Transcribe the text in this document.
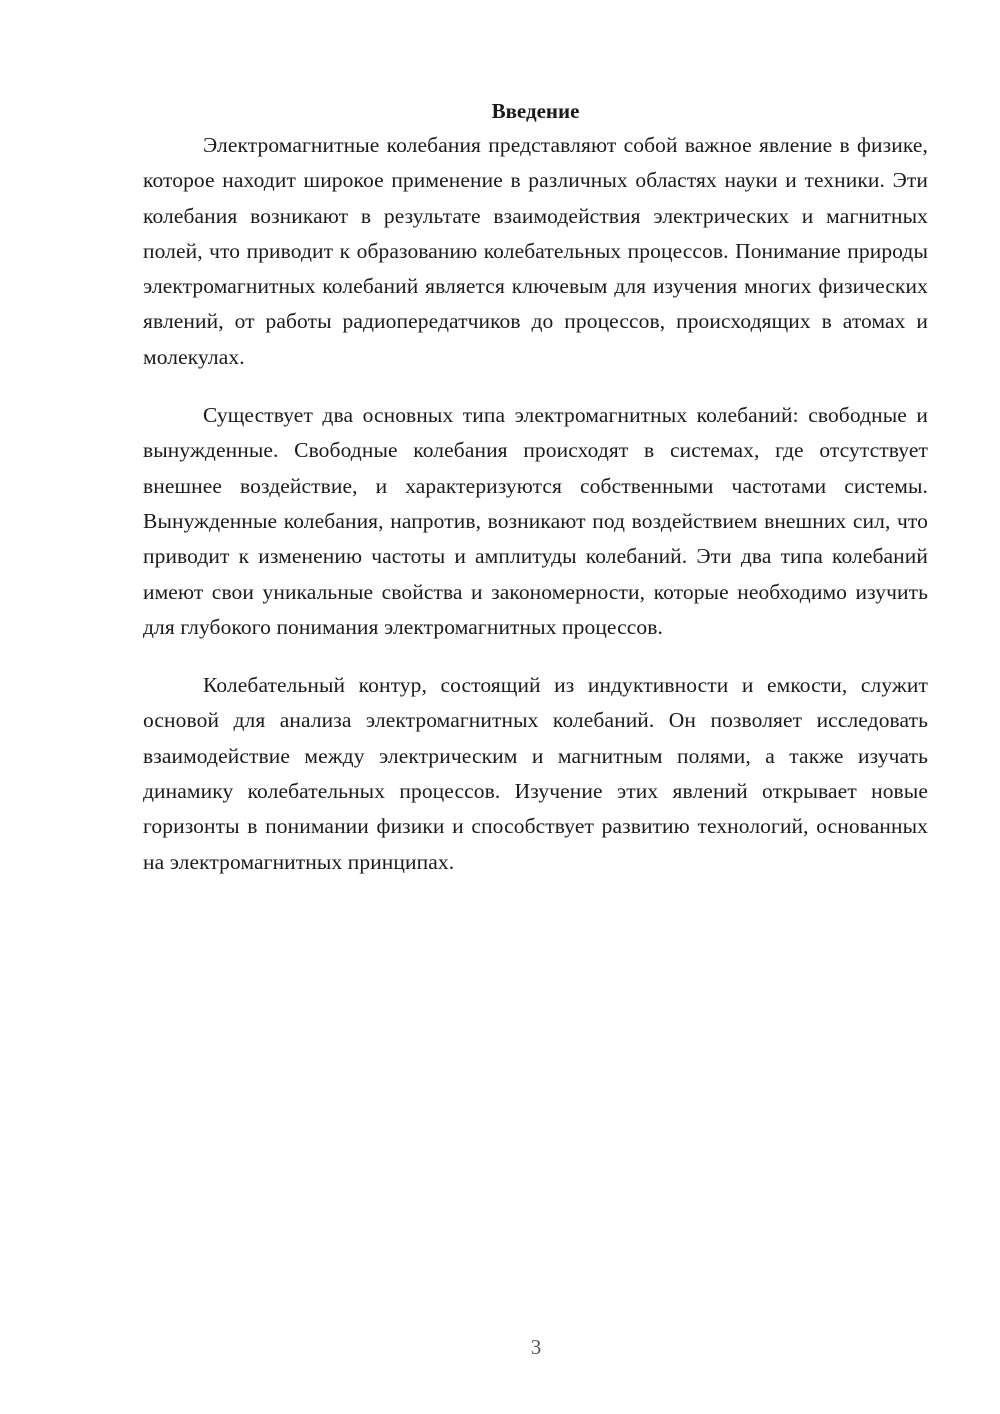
Введение

Электромагнитные колебания представляют собой важное явление в физике, которое находит широкое применение в различных областях науки и техники. Эти колебания возникают в результате взаимодействия электрических и магнитных полей, что приводит к образованию колебательных процессов. Понимание природы электромагнитных колебаний является ключевым для изучения многих физических явлений, от работы радиопередатчиков до процессов, происходящих в атомах и молекулах.

Существует два основных типа электромагнитных колебаний: свободные и вынужденные. Свободные колебания происходят в системах, где отсутствует внешнее воздействие, и характеризуются собственными частотами системы. Вынужденные колебания, напротив, возникают под воздействием внешних сил, что приводит к изменению частоты и амплитуды колебаний. Эти два типа колебаний имеют свои уникальные свойства и закономерности, которые необходимо изучить для глубокого понимания электромагнитных процессов.

Колебательный контур, состоящий из индуктивности и емкости, служит основой для анализа электромагнитных колебаний. Он позволяет исследовать взаимодействие между электрическим и магнитным полями, а также изучать динамику колебательных процессов. Изучение этих явлений открывает новые горизонты в понимании физики и способствует развитию технологий, основанных на электромагнитных принципах.

3
